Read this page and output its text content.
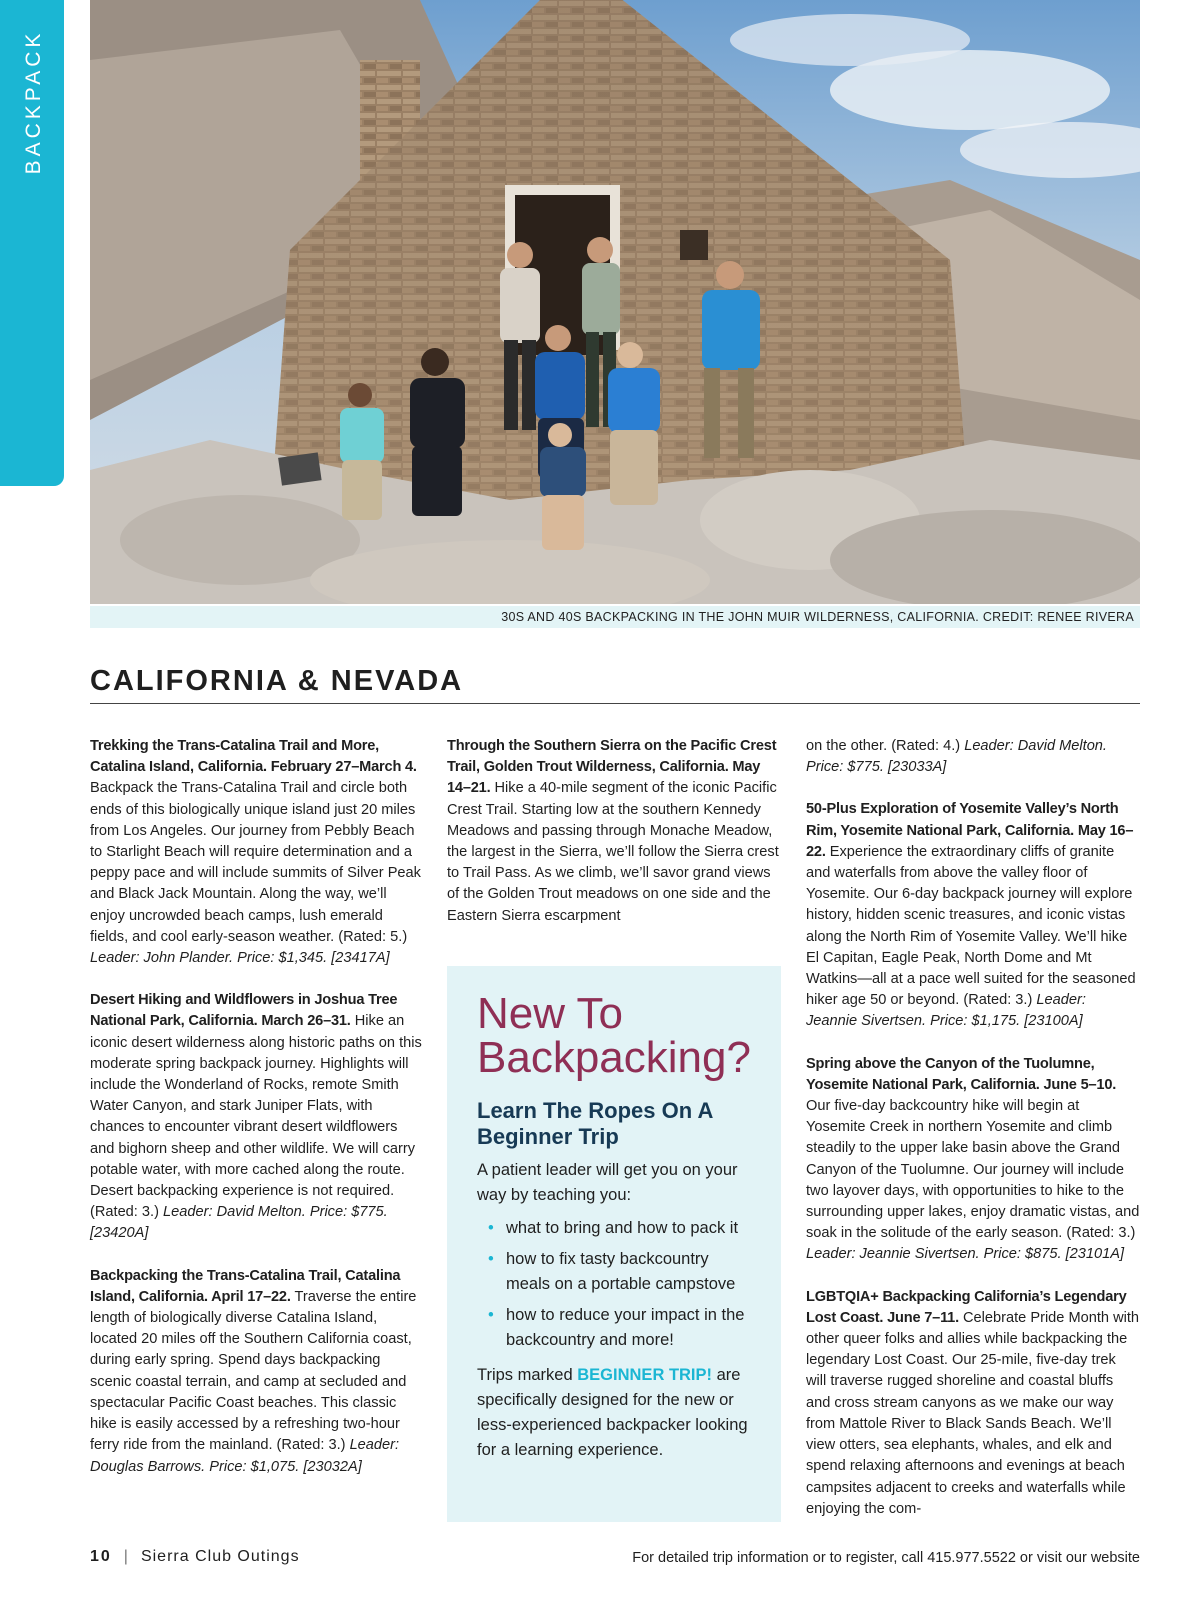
BACKPACK
30S AND 40S BACKPACKING IN THE JOHN MUIR WILDERNESS, CALIFORNIA. CREDIT: RENEE RIVERA
CALIFORNIA & NEVADA

Trekking the Trans-Catalina Trail and More, Catalina Island, California. February 27–March 4. Backpack the Trans-Catalina Trail and circle both ends of this biologically unique island just 20 miles from Los Angeles. Our journey from Pebbly Beach to Starlight Beach will require determination and a peppy pace and will include summits of Silver Peak and Black Jack Mountain. Along the way, we’ll enjoy uncrowded beach camps, lush emerald fields, and cool early-season weather. (Rated: 5.) Leader: John Plander. Price: $1,345. [23417A]

Desert Hiking and Wildflowers in Joshua Tree National Park, California. March 26–31. Hike an iconic desert wilderness along historic paths on this moderate spring backpack journey. Highlights will include the Wonderland of Rocks, remote Smith Water Canyon, and stark Juniper Flats, with chances to encounter vibrant desert wildflowers and bighorn sheep and other wildlife. We will carry potable water, with more cached along the route. Desert backpacking experience is not required. (Rated: 3.) Leader: David Melton. Price: $775. [23420A]

Backpacking the Trans-Catalina Trail, Catalina Island, California. April 17–22. Traverse the entire length of biologically diverse Catalina Island, located 20 miles off the Southern California coast, during early spring. Spend days backpacking scenic coastal terrain, and camp at secluded and spectacular Pacific Coast beaches. This classic hike is easily accessed by a refreshing two-hour ferry ride from the mainland. (Rated: 3.) Leader: Douglas Barrows. Price: $1,075. [23032A]

Through the Southern Sierra on the Pacific Crest Trail, Golden Trout Wilderness, California. May 14–21. Hike a 40-mile segment of the iconic Pacific Crest Trail. Starting low at the southern Kennedy Meadows and passing through Monache Meadow, the largest in the Sierra, we’ll follow the Sierra crest to Trail Pass. As we climb, we’ll savor grand views of the Golden Trout meadows on one side and the Eastern Sierra escarpment

New To Backpacking?
Learn The Ropes On A Beginner Trip
A patient leader will get you on your way by teaching you:
• what to bring and how to pack it
• how to fix tasty backcountry meals on a portable campstove
• how to reduce your impact in the backcountry and more!
Trips marked BEGINNER TRIP! are specifically designed for the new or less-experienced backpacker looking for a learning experience.

on the other. (Rated: 4.) Leader: David Melton. Price: $775. [23033A]

50-Plus Exploration of Yosemite Valley’s North Rim, Yosemite National Park, California. May 16–22. Experience the extraordinary cliffs of granite and waterfalls from above the valley floor of Yosemite. Our 6-day backpack journey will explore history, hidden scenic treasures, and iconic vistas along the North Rim of Yosemite Valley. We’ll hike El Capitan, Eagle Peak, North Dome and Mt Watkins—all at a pace well suited for the seasoned hiker age 50 or beyond. (Rated: 3.) Leader: Jeannie Sivertsen. Price: $1,175. [23100A]

Spring above the Canyon of the Tuolumne, Yosemite National Park, California. June 5–10. Our five-day backcountry hike will begin at Yosemite Creek in northern Yosemite and climb steadily to the upper lake basin above the Grand Canyon of the Tuolumne. Our journey will include two layover days, with opportunities to hike to the surrounding upper lakes, enjoy dramatic vistas, and soak in the solitude of the early season. (Rated: 3.) Leader: Jeannie Sivertsen. Price: $875. [23101A]

LGBTQIA+ Backpacking California’s Legendary Lost Coast. June 7–11. Celebrate Pride Month with other queer folks and allies while backpacking the legendary Lost Coast. Our 25-mile, five-day trek will traverse rugged shoreline and coastal bluffs and cross stream canyons as we make our way from Mattole River to Black Sands Beach. We’ll view otters, sea elephants, whales, and elk and spend relaxing afternoons and evenings at beach campsites adjacent to creeks and waterfalls while enjoying the com-

10 | Sierra Club Outings	For detailed trip information or to register, call 415.977.5522 or visit our website
